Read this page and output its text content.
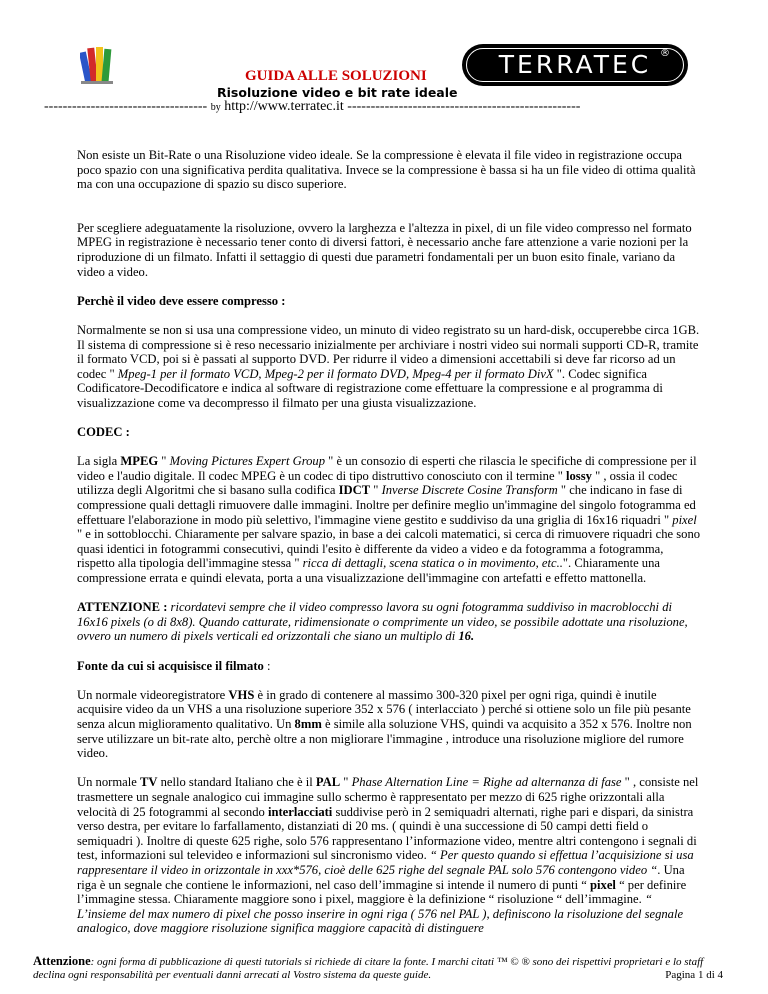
TERRATEC ®
GUIDA ALLE SOLUZIONI
Risoluzione video e bit rate ideale
----------------------------------- by http://www.terratec.it --------------------------------------------------

Non esiste un Bit-Rate o una Risoluzione video ideale. Se la compressione è elevata il file video in registrazione occupa poco spazio con una significativa perdita qualitativa. Invece se la compressione è bassa si ha un file video di ottima qualità ma con una occupazione di spazio su disco superiore.

Per scegliere adeguatamente la risoluzione, ovvero la larghezza e l'altezza in pixel, di un file video compresso nel formato MPEG in registrazione è necessario tener conto di diversi fattori, è necessario anche fare attenzione a varie nozioni per la riproduzione di un filmato. Infatti il settaggio di questi due parametri fondamentali per un buon esito finale, variano da video a video.

Perchè il video deve essere compresso :

Normalmente se non si usa una compressione video, un minuto di video registrato su un hard-disk, occuperebbe circa 1GB. Il sistema di compressione si è reso necessario inizialmente per archiviare i nostri video sui normali supporti CD-R, tramite il formato VCD, poi si è passati al supporto DVD. Per ridurre il video a dimensioni accettabili si deve far ricorso ad un codec " Mpeg-1 per il formato VCD, Mpeg-2 per il formato DVD, Mpeg-4 per il formato DivX ". Codec significa Codificatore-Decodificatore e indica al software di registrazione come effettuare la compressione e al programma di visualizzazione come va decompresso il filmato per una giusta visualizzazione.

CODEC :

La sigla MPEG " Moving Pictures Expert Group " è un consozio di esperti che rilascia le specifiche di compressione per il video e l'audio digitale. Il codec MPEG è un codec di tipo distruttivo conosciuto con il termine " lossy " , ossia il codec utilizza degli Algoritmi che si basano sulla codifica IDCT " Inverse Discrete Cosine Transform " che indicano in fase di compressione quali dettagli rimuovere dalle immagini. Inoltre per definire meglio un'immagine del singolo fotogramma ed effettuare l'elaborazione in modo più selettivo, l'immagine viene gestito e suddiviso da una griglia di 16x16 riquadri " pixel " e in sottoblocchi. Chiaramente per salvare spazio, in base a dei calcoli matematici, si cerca di rimuovere riquadri che sono quasi identici in fotogrammi consecutivi, quindi l'esito è differente da video a video e da fotogramma a fotogramma, rispetto alla tipologia dell'immagine stessa " ricca di dettagli, scena statica o in movimento, etc..". Chiaramente una compressione errata e quindi elevata, porta a una visualizzazione dell'immagine con artefatti e effetto mattonella.

ATTENZIONE : ricordatevi sempre che il video compresso lavora su ogni fotogramma suddiviso in macroblocchi di 16x16 pixels (o di 8x8). Quando catturate, ridimensionate o comprimente un video, se possibile adottate una risoluzione, ovvero un numero di pixels verticali ed orizzontali che siano un multiplo di 16.

Fonte da cui si acquisisce il filmato :

Un normale videoregistratore VHS è in grado di contenere al massimo 300-320 pixel per ogni riga, quindi è inutile acquisire video da un VHS a una risoluzione superiore 352 x 576 ( interlacciato ) perché si ottiene solo un file più pesante senza alcun miglioramento qualitativo. Un 8mm è simile alla soluzione VHS, quindi va acquisito a 352 x 576. Inoltre non serve utilizzare un bit-rate alto, perchè oltre a non migliorare l'immagine , introduce una risoluzione migliore del rumore video.

Un normale TV nello standard Italiano che è il PAL " Phase Alternation Line = Righe ad alternanza di fase " , consiste nel trasmettere un segnale analogico cui immagine sullo schermo è rappresentato per mezzo di 625 righe orizzontali alla velocità di 25 fotogrammi al secondo interlacciati suddivise però in 2 semiquadri alternati, righe pari e dispari, da sinistra verso destra, per evitare lo farfallamento, distanziati di 20 ms. ( quindi è una successione di 50 campi detti field o semiquadri ). Inoltre di queste 625 righe, solo 576 rappresentano l’informazione video, mentre altri contengono i segnali di test, informazioni sul televideo e informazioni sul sincronismo video. “ Per questo quando si effettua l’acquisizione si usa rappresentare il video in orizzontale in xxx*576, cioè delle 625 righe del segnale PAL solo 576 contengono video “. Una riga è un segnale che contiene le informazioni, nel caso dell’immagine si intende il numero di punti “ pixel “ per definire l’immagine stessa. Chiaramente maggiore sono i pixel, maggiore è la definizione “ risoluzione “ dell’immagine. “ L’insieme del max numero di pixel che posso inserire in ogni riga ( 576 nel PAL ), definiscono la risoluzione del segnale analogico, dove maggiore risoluzione significa maggiore capacità di distinguere

Attenzione: ogni forma di pubblicazione di questi tutorials si richiede di citare la fonte. I marchi citati ™ © ® sono dei rispettivi proprietari e lo staff declina ogni responsabilità per eventuali danni arrecati al Vostro sistema da queste guide.	Pagina 1 di 4
